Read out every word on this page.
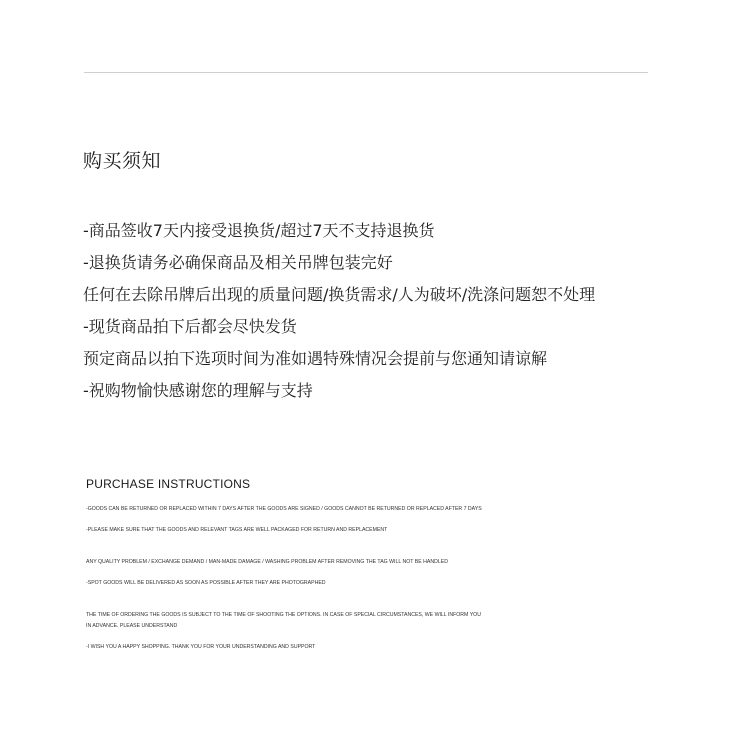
购买须知
-商品签收7天内接受退换货/超过7天不支持退换货
-退换货请务必确保商品及相关吊牌包装完好
任何在去除吊牌后出现的质量问题/换货需求/人为破坏/洗涤问题恕不处理
-现货商品拍下后都会尽快发货
预定商品以拍下选项时间为准如遇特殊情况会提前与您通知请谅解
-祝购物愉快感谢您的理解与支持
PURCHASE INSTRUCTIONS
-GOODS CAN BE RETURNED OR REPLACED WITHIN 7 DAYS AFTER THE GOODS ARE SIGNED / GOODS CANNOT BE RETURNED OR REPLACED AFTER 7 DAYS
-PLEASE MAKE SURE THAT THE GOODS AND RELEVANT TAGS ARE WELL PACKAGED FOR RETURN AND REPLACEMENT
ANY QUALITY PROBLEM / EXCHANGE DEMAND / MAN-MADE DAMAGE / WASHING PROBLEM AFTER REMOVING THE TAG WILL NOT BE HANDLED
-SPOT GOODS WILL BE DELIVERED AS SOON AS POSSIBLE AFTER THEY ARE PHOTOGRAPHED
THE TIME OF ORDERING THE GOODS IS SUBJECT TO THE TIME OF SHOOTING THE OPTIONS. IN CASE OF SPECIAL CIRCUMSTANCES, WE WILL INFORM YOU IN ADVANCE. PLEASE UNDERSTAND
-I WISH YOU A HAPPY SHOPPING. THANK YOU FOR YOUR UNDERSTANDING AND SUPPORT
